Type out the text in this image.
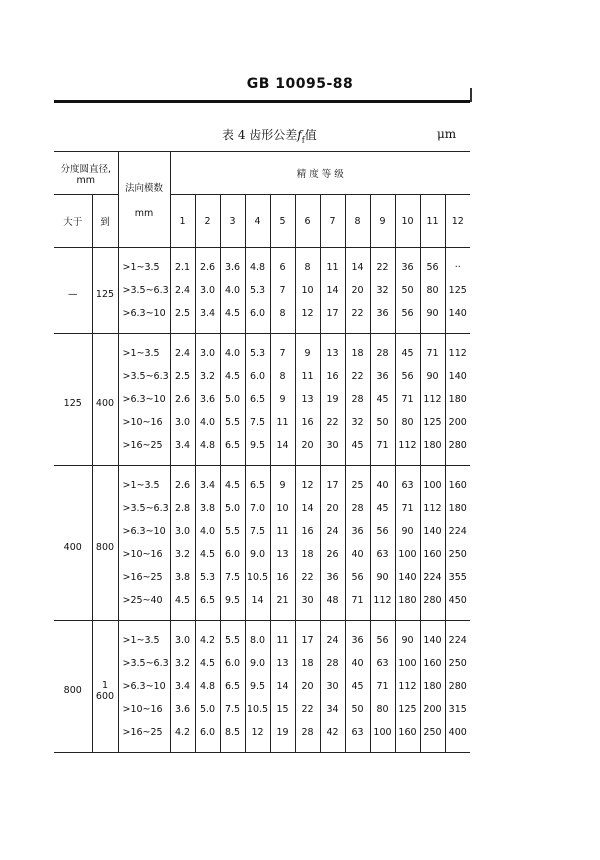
GB 10095-88
表 4 齿形公差$f_f$值	μm
分度圆直径, mm		法向模数
mm	精 度 等 级											
大于	到		1	2	3	4	5	6	7	8	9	10	11	12
—	125	>1~3.5	2.1	2.6	3.6	4.8	6	8	11	14	22	36	56	··
		>3.5~6.3	2.4	3.0	4.0	5.3	7	10	14	20	32	50	80	125
		>6.3~10	2.5	3.4	4.5	6.0	8	12	17	22	36	56	90	140
125	400	>1~3.5	2.4	3.0	4.0	5.3	7	9	13	18	28	45	71	112
		>3.5~6.3	2.5	3.2	4.5	6.0	8	11	16	22	36	56	90	140
		>6.3~10	2.6	3.6	5.0	6.5	9	13	19	28	45	71	112	180
		>10~16	3.0	4.0	5.5	7.5	11	16	22	32	50	80	125	200
		>16~25	3.4	4.8	6.5	9.5	14	20	30	45	71	112	180	280
400	800	>1~3.5	2.6	3.4	4.5	6.5	9	12	17	25	40	63	100	160
		>3.5~6.3	2.8	3.8	5.0	7.0	10	14	20	28	45	71	112	180
		>6.3~10	3.0	4.0	5.5	7.5	11	16	24	36	56	90	140	224
		>10~16	3.2	4.5	6.0	9.0	13	18	26	40	63	100	160	250
		>16~25	3.8	5.3	7.5	10.5	16	22	36	56	90	140	224	355
		>25~40	4.5	6.5	9.5	14	21	30	48	71	112	180	280	450
800	1 600	>1~3.5	3.0	4.2	5.5	8.0	11	17	24	36	56	90	140	224
		>3.5~6.3	3.2	4.5	6.0	9.0	13	18	28	40	63	100	160	250
		>6.3~10	3.4	4.8	6.5	9.5	14	20	30	45	71	112	180	280
		>10~16	3.6	5.0	7.5	10.5	15	22	34	50	80	125	200	315
		>16~25	4.2	6.0	8.5	12	19	28	42	63	100	160	250	400
